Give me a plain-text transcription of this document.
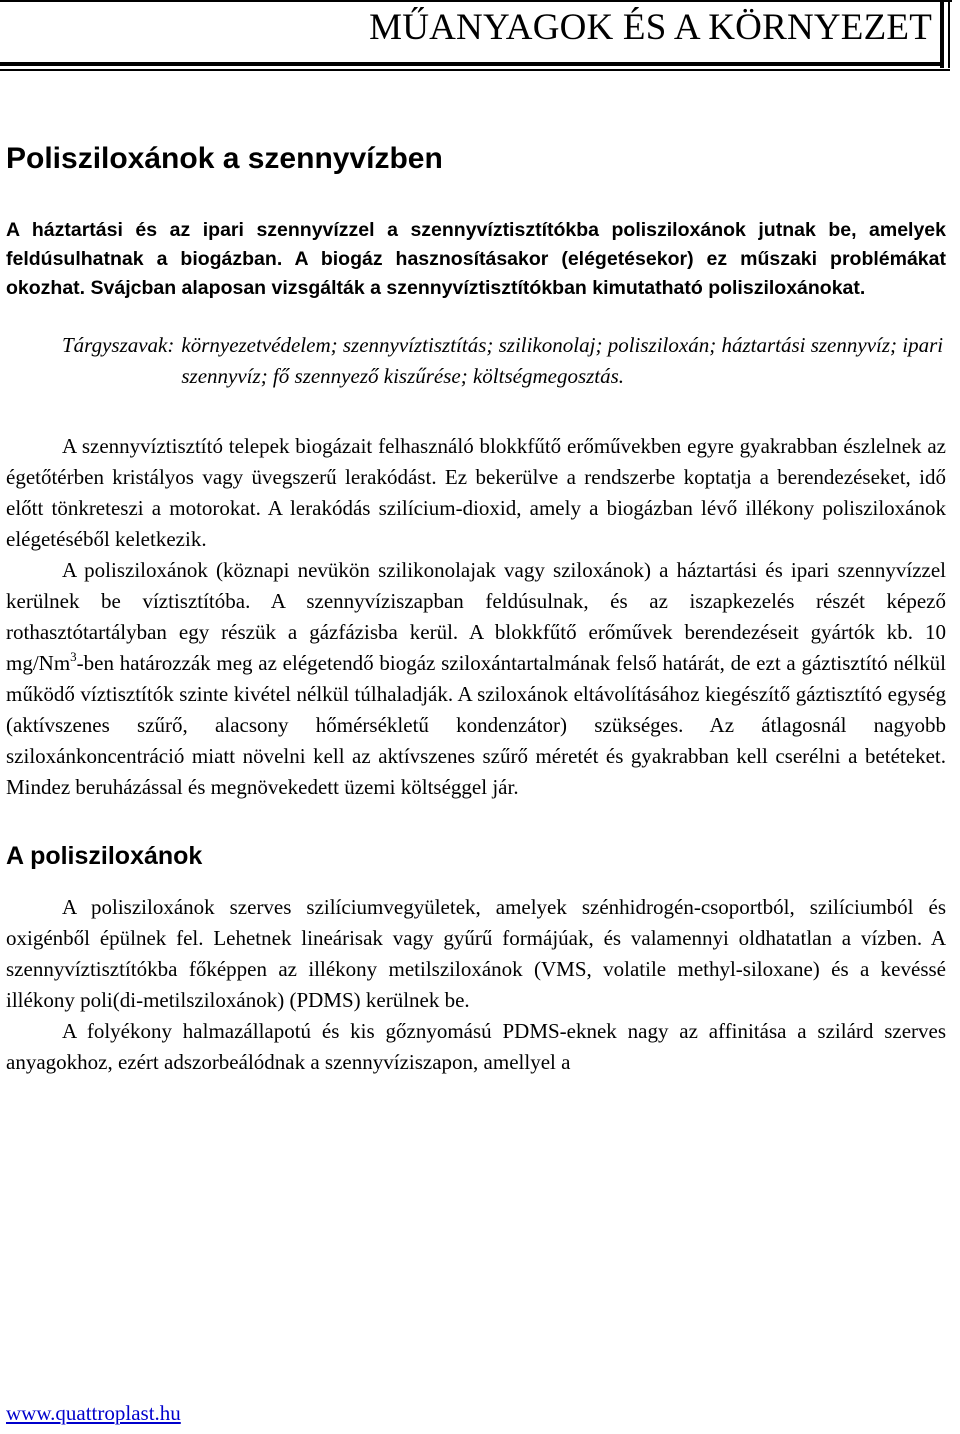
MŰANYAGOK ÉS A KÖRNYEZET
Polisziloxánok a szennyvízben

A háztartási és az ipari szennyvízzel a szennyvíztisztítókba polisziloxánok jutnak be, amelyek feldúsulhatnak a biogázban. A biogáz hasznosításakor (elégetésekor) ez műszaki problémákat okozhat. Svájcban alaposan vizsgálták a szennyvíztisztítókban kimutatható polisziloxánokat.

Tárgyszavak: környezetvédelem; szennyvíztisztítás; szilikonolaj; polisziloxán; háztartási szennyvíz; ipari szennyvíz; fő szennyező kiszűrése; költségmegosztás.

A szennyvíztisztító telepek biogázait felhasználó blokkfűtő erőművekben egyre gyakrabban észlelnek az égetőtérben kristályos vagy üvegszerű lerakódást. Ez bekerülve a rendszerbe koptatja a berendezéseket, idő előtt tönkreteszi a motorokat. A lerakódás szilícium-dioxid, amely a biogázban lévő illékony polisziloxánok elégetéséből keletkezik.

A polisziloxánok (köznapi nevükön szilikonolajak vagy sziloxánok) a háztartási és ipari szennyvízzel kerülnek be víztisztítóba. A szennyvíziszapban feldúsulnak, és az iszapkezelés részét képező rothasztótartályban egy részük a gázfázisba kerül. A blokkfűtő erőművek berendezéseit gyártók kb. 10 mg/Nm$^3$-ben határozzák meg az elégetendő biogáz sziloxántartalmának felső határát, de ezt a gáztisztító nélkül működő víztisztítók szinte kivétel nélkül túlhaladják. A sziloxánok eltávolításához kiegészítő gáztisztító egység (aktívszenes szűrő, alacsony hőmérsékletű kondenzátor) szükséges. Az átlagosnál nagyobb sziloxánkoncentráció miatt növelni kell az aktívszenes szűrő méretét és gyakrabban kell cserélni a betéteket. Mindez beruházással és megnövekedett üzemi költséggel jár.

A polisziloxánok

A polisziloxánok szerves szilíciumvegyületek, amelyek szénhidrogén-csoportból, szilíciumból és oxigénből épülnek fel. Lehetnek lineárisak vagy gyűrű formájúak, és valamennyi oldhatatlan a vízben. A szennyvíztisztítókba főképpen az illékony metilsziloxánok (VMS, volatile methyl-siloxane) és a kevéssé illékony poli(di-metilsziloxánok) (PDMS) kerülnek be.

A folyékony halmazállapotú és kis gőznyomású PDMS-eknek nagy az affinitása a szilárd szerves anyagokhoz, ezért adszorbeálódnak a szennyvíziszapon, amellyel a

www.quattroplast.hu
